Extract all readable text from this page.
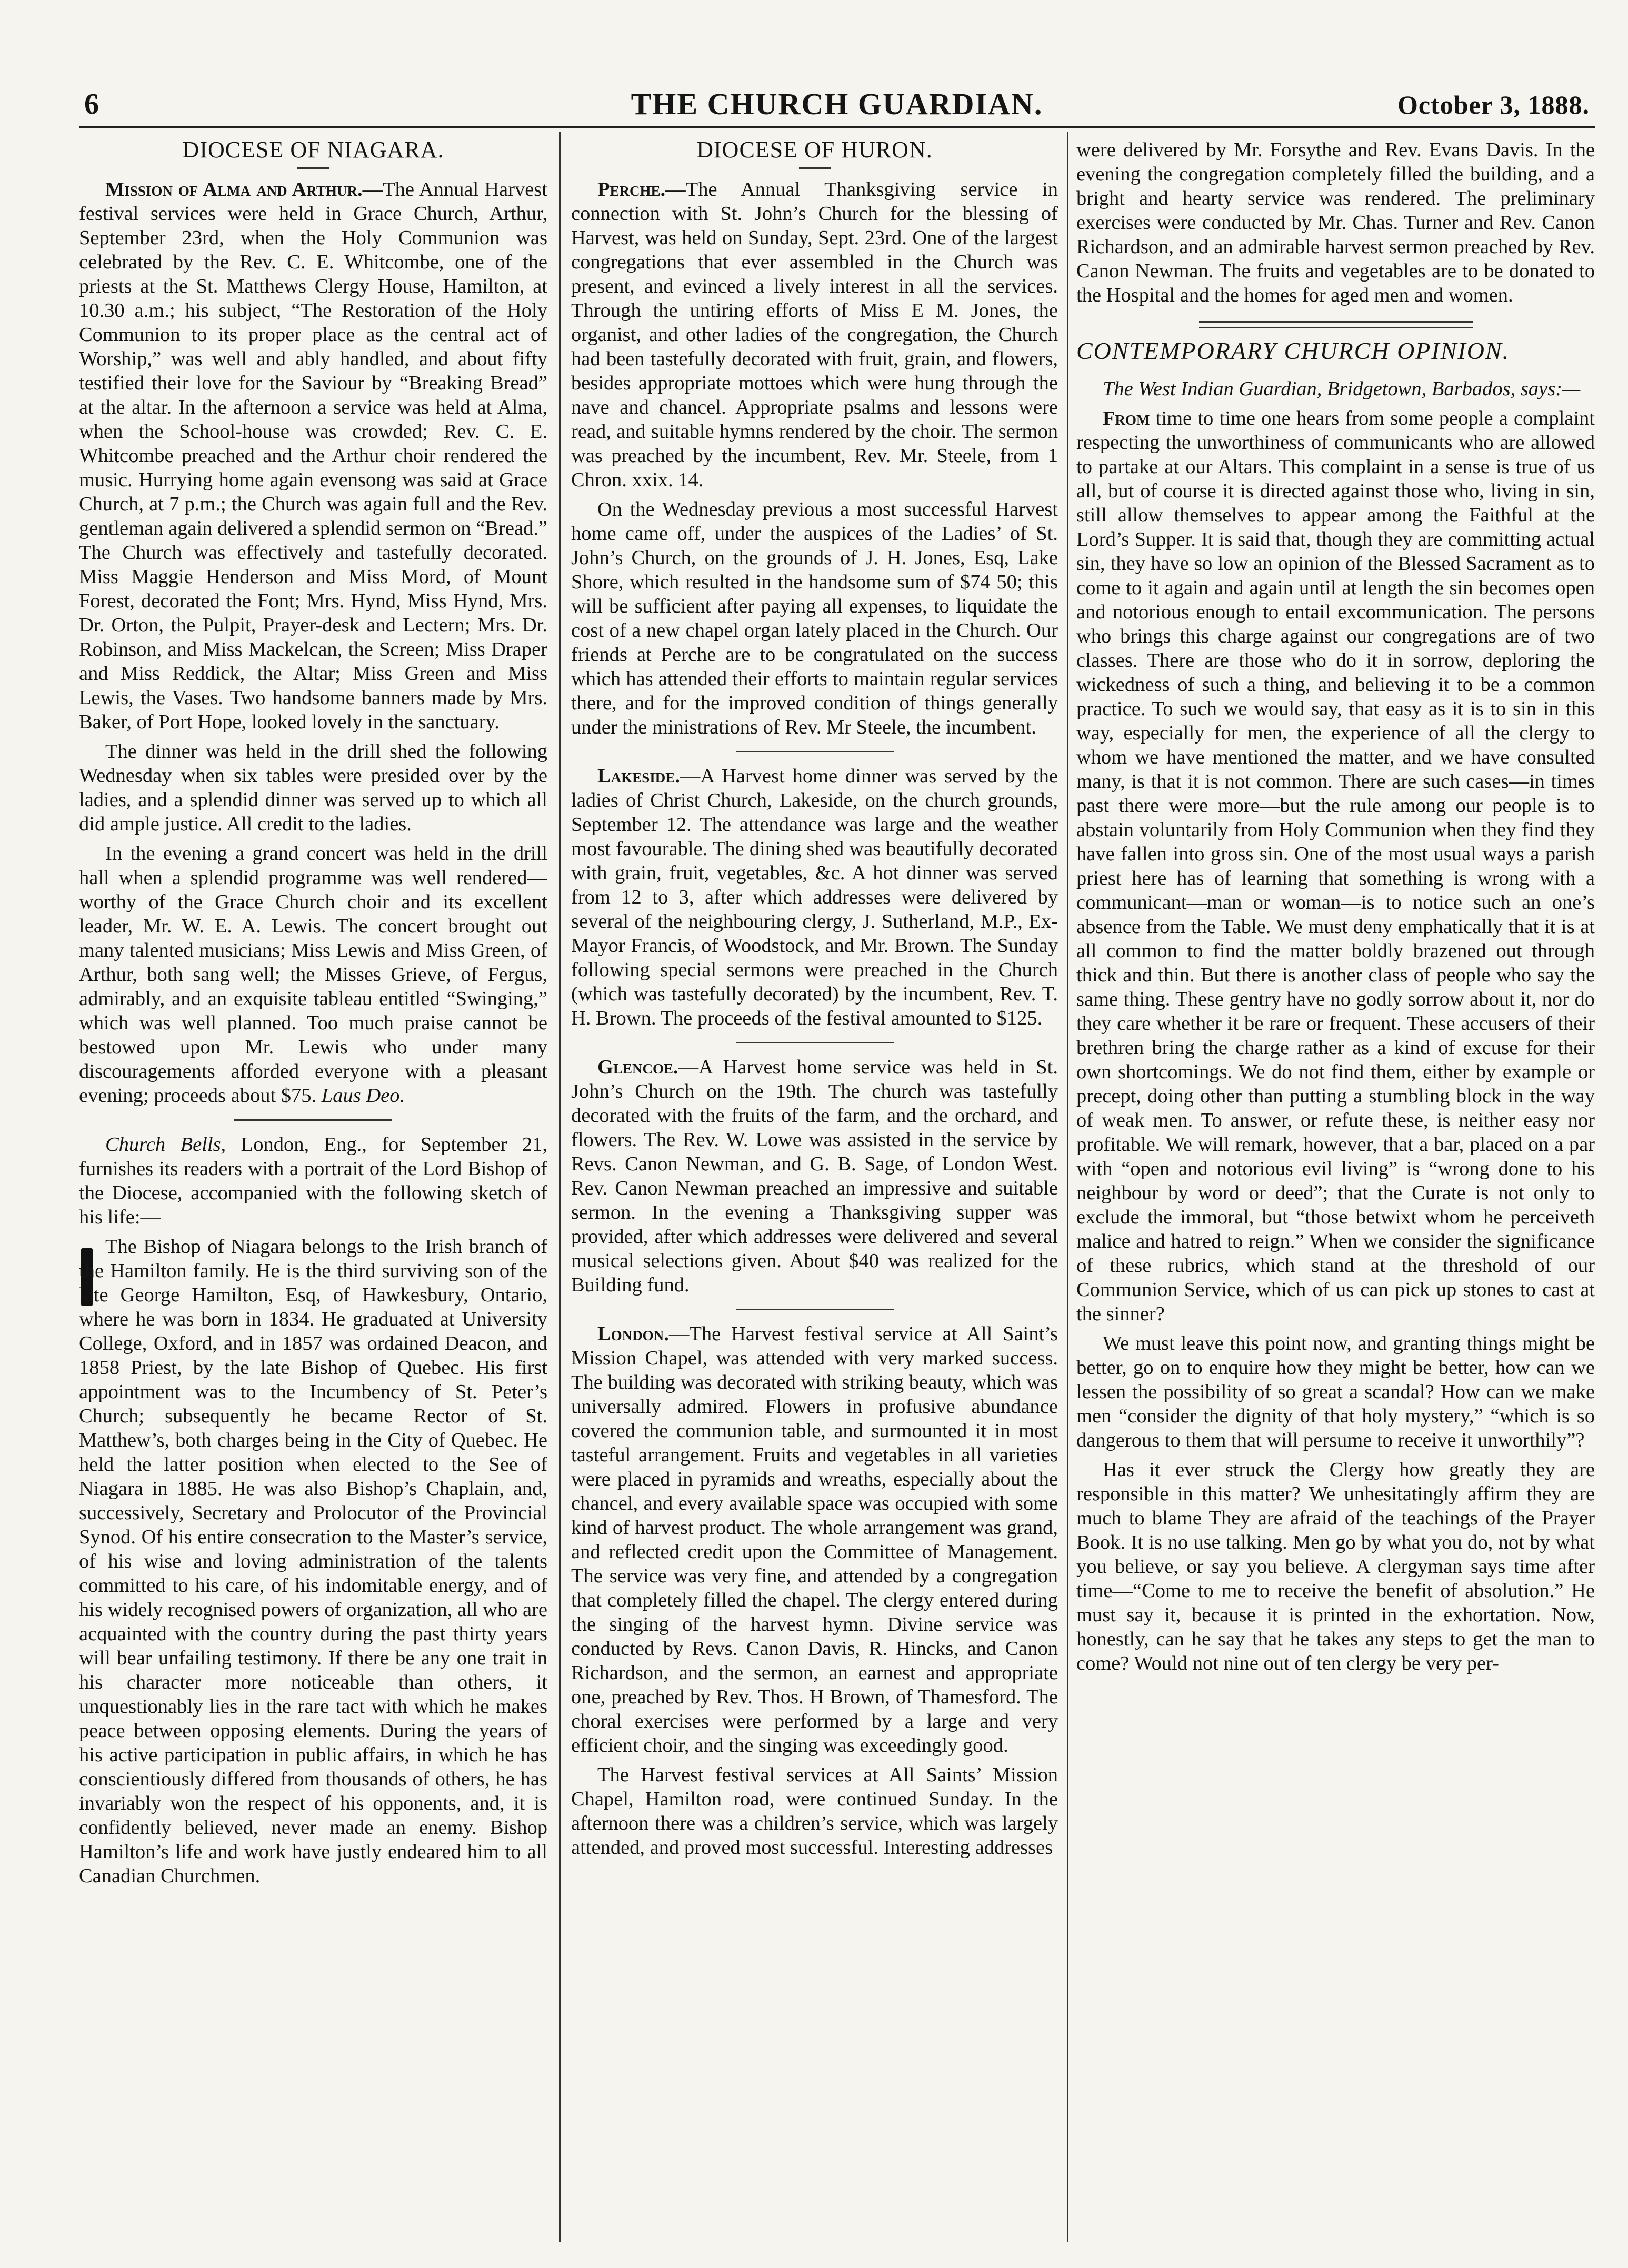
6	THE CHURCH GUARDIAN.	October 3, 1888.
DIOCESE OF NIAGARA.

Mission of Alma and Arthur.—The Annual Harvest festival services were held in Grace Church, Arthur, September 23rd, when the Holy Communion was celebrated by the Rev. C. E. Whitcombe, one of the priests at the St. Matthews Clergy House, Hamilton, at 10.30 a.m.; his subject, “The Restoration of the Holy Communion to its proper place as the central act of Worship,” was well and ably handled, and about fifty testified their love for the Saviour by “Breaking Bread” at the altar. In the afternoon a service was held at Alma, when the School-house was crowded; Rev. C. E. Whitcombe preached and the Arthur choir rendered the music. Hurrying home again evensong was said at Grace Church, at 7 p.m.; the Church was again full and the Rev. gentleman again delivered a splendid sermon on “Bread.” The Church was effectively and tastefully decorated. Miss Maggie Henderson and Miss Mord, of Mount Forest, decorated the Font; Mrs. Hynd, Miss Hynd, Mrs. Dr. Orton, the Pulpit, Prayer-desk and Lectern; Mrs. Dr. Robinson, and Miss Mackelcan, the Screen; Miss Draper and Miss Reddick, the Altar; Miss Green and Miss Lewis, the Vases. Two handsome banners made by Mrs. Baker, of Port Hope, looked lovely in the sanctuary.

The dinner was held in the drill shed the following Wednesday when six tables were presided over by the ladies, and a splendid dinner was served up to which all did ample justice. All credit to the ladies.

In the evening a grand concert was held in the drill hall when a splendid programme was well rendered—worthy of the Grace Church choir and its excellent leader, Mr. W. E. A. Lewis. The concert brought out many talented musicians; Miss Lewis and Miss Green, of Arthur, both sang well; the Misses Grieve, of Fergus, admirably, and an exquisite tableau entitled “Swinging,” which was well planned. Too much praise cannot be bestowed upon Mr. Lewis who under many discouragements afforded everyone with a pleasant evening; proceeds about $75. Laus Deo.

Church Bells, London, Eng., for September 21, furnishes its readers with a portrait of the Lord Bishop of the Diocese, accompanied with the following sketch of his life:—

The Bishop of Niagara belongs to the Irish branch of the Hamilton family. He is the third surviving son of the late George Hamilton, Esq, of Hawkesbury, Ontario, where he was born in 1834. He graduated at University College, Oxford, and in 1857 was ordained Deacon, and 1858 Priest, by the late Bishop of Quebec. His first appointment was to the Incumbency of St. Peter’s Church; subsequently he became Rector of St. Matthew’s, both charges being in the City of Quebec. He held the latter position when elected to the See of Niagara in 1885. He was also Bishop’s Chaplain, and, successively, Secretary and Prolocutor of the Provincial Synod. Of his entire consecration to the Master’s service, of his wise and loving administration of the talents committed to his care, of his indomitable energy, and of his widely recognised powers of organization, all who are acquainted with the country during the past thirty years will bear unfailing testimony. If there be any one trait in his character more noticeable than others, it unquestionably lies in the rare tact with which he makes peace between opposing elements. During the years of his active participation in public affairs, in which he has conscientiously differed from thousands of others, he has invariably won the respect of his opponents, and, it is confidently believed, never made an enemy. Bishop Hamilton’s life and work have justly endeared him to all Canadian Churchmen.

DIOCESE OF HURON.

Perche.—The Annual Thanksgiving service in connection with St. John’s Church for the blessing of Harvest, was held on Sunday, Sept. 23rd. One of the largest congregations that ever assembled in the Church was present, and evinced a lively interest in all the services. Through the untiring efforts of Miss E M. Jones, the organist, and other ladies of the congregation, the Church had been tastefully decorated with fruit, grain, and flowers, besides appropriate mottoes which were hung through the nave and chancel. Appropriate psalms and lessons were read, and suitable hymns rendered by the choir. The sermon was preached by the incumbent, Rev. Mr. Steele, from 1 Chron. xxix. 14.

On the Wednesday previous a most successful Harvest home came off, under the auspices of the Ladies’ of St. John’s Church, on the grounds of J. H. Jones, Esq, Lake Shore, which resulted in the handsome sum of $74 50; this will be sufficient after paying all expenses, to liquidate the cost of a new chapel organ lately placed in the Church. Our friends at Perche are to be congratulated on the success which has attended their efforts to maintain regular services there, and for the improved condition of things generally under the ministrations of Rev. Mr Steele, the incumbent.

Lakeside.—A Harvest home dinner was served by the ladies of Christ Church, Lakeside, on the church grounds, September 12. The attendance was large and the weather most favourable. The dining shed was beautifully decorated with grain, fruit, vegetables, &c. A hot dinner was served from 12 to 3, after which addresses were delivered by several of the neighbouring clergy, J. Sutherland, M.P., Ex-Mayor Francis, of Woodstock, and Mr. Brown. The Sunday following special sermons were preached in the Church (which was tastefully decorated) by the incumbent, Rev. T. H. Brown. The proceeds of the festival amounted to $125.

Glencoe.—A Harvest home service was held in St. John’s Church on the 19th. The church was tastefully decorated with the fruits of the farm, and the orchard, and flowers. The Rev. W. Lowe was assisted in the service by Revs. Canon Newman, and G. B. Sage, of London West. Rev. Canon Newman preached an impressive and suitable sermon. In the evening a Thanksgiving supper was provided, after which addresses were delivered and several musical selections given. About $40 was realized for the Building fund.

London.—The Harvest festival service at All Saint’s Mission Chapel, was attended with very marked success. The building was decorated with striking beauty, which was universally admired. Flowers in profusive abundance covered the communion table, and surmounted it in most tasteful arrangement. Fruits and vegetables in all varieties were placed in pyramids and wreaths, especially about the chancel, and every available space was occupied with some kind of harvest product. The whole arrangement was grand, and reflected credit upon the Committee of Management. The service was very fine, and attended by a congregation that completely filled the chapel. The clergy entered during the singing of the harvest hymn. Divine service was conducted by Revs. Canon Davis, R. Hincks, and Canon Richardson, and the sermon, an earnest and appropriate one, preached by Rev. Thos. H Brown, of Thamesford. The choral exercises were performed by a large and very efficient choir, and the singing was exceedingly good.

The Harvest festival services at All Saints’ Mission Chapel, Hamilton road, were continued Sunday. In the afternoon there was a children’s service, which was largely attended, and proved most successful. Interesting addresses

were delivered by Mr. Forsythe and Rev. Evans Davis. In the evening the congregation completely filled the building, and a bright and hearty service was rendered. The preliminary exercises were conducted by Mr. Chas. Turner and Rev. Canon Richardson, and an admirable harvest sermon preached by Rev. Canon Newman. The fruits and vegetables are to be donated to the Hospital and the homes for aged men and women.

CONTEMPORARY CHURCH OPINION.

The West Indian Guardian, Bridgetown, Barbados, says:—

From time to time one hears from some people a complaint respecting the unworthiness of communicants who are allowed to partake at our Altars. This complaint in a sense is true of us all, but of course it is directed against those who, living in sin, still allow themselves to appear among the Faithful at the Lord’s Supper. It is said that, though they are committing actual sin, they have so low an opinion of the Blessed Sacrament as to come to it again and again until at length the sin becomes open and notorious enough to entail excommunication. The persons who brings this charge against our congregations are of two classes. There are those who do it in sorrow, deploring the wickedness of such a thing, and believing it to be a common practice. To such we would say, that easy as it is to sin in this way, especially for men, the experience of all the clergy to whom we have mentioned the matter, and we have consulted many, is that it is not common. There are such cases—in times past there were more—but the rule among our people is to abstain voluntarily from Holy Communion when they find they have fallen into gross sin. One of the most usual ways a parish priest here has of learning that something is wrong with a communicant—man or woman—is to notice such an one’s absence from the Table. We must deny emphatically that it is at all common to find the matter boldly brazened out through thick and thin. But there is another class of people who say the same thing. These gentry have no godly sorrow about it, nor do they care whether it be rare or frequent. These accusers of their brethren bring the charge rather as a kind of excuse for their own shortcomings. We do not find them, either by example or precept, doing other than putting a stumbling block in the way of weak men. To answer, or refute these, is neither easy nor profitable. We will remark, however, that a bar, placed on a par with “open and notorious evil living” is “wrong done to his neighbour by word or deed”; that the Curate is not only to exclude the immoral, but “those betwixt whom he perceiveth malice and hatred to reign.” When we consider the significance of these rubrics, which stand at the threshold of our Communion Service, which of us can pick up stones to cast at the sinner?

We must leave this point now, and granting things might be better, go on to enquire how they might be better, how can we lessen the possibility of so great a scandal? How can we make men “consider the dignity of that holy mystery,” “which is so dangerous to them that will persume to receive it unworthily”?

Has it ever struck the Clergy how greatly they are responsible in this matter? We unhesitatingly affirm they are much to blame They are afraid of the teachings of the Prayer Book. It is no use talking. Men go by what you do, not by what you believe, or say you believe. A clergyman says time after time—“Come to me to receive the benefit of absolution.” He must say it, because it is printed in the exhortation. Now, honestly, can he say that he takes any steps to get the man to come? Would not nine out of ten clergy be very per-
